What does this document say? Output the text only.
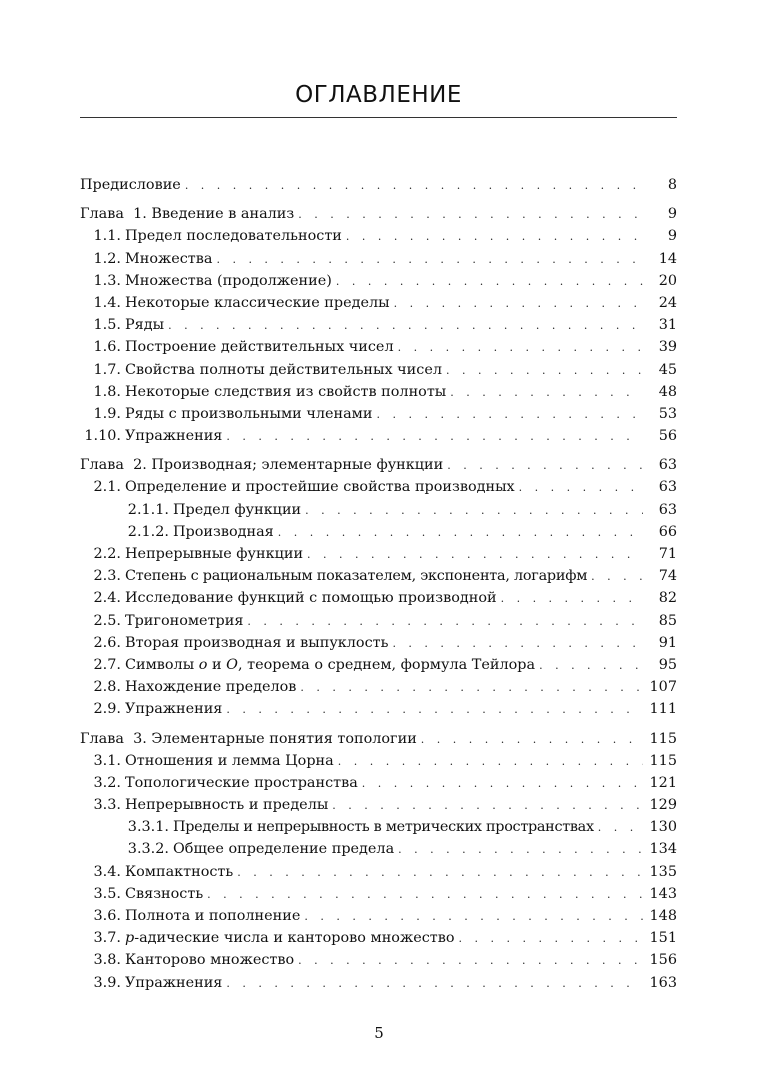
ОГЛАВЛЕНИЕ
Предисловие . . .	8
Глава  1. Введение в анализ . . .	9
1.1. Предел последовательности . . .	9
1.2. Множества . . .	14
1.3. Множества (продолжение) . . .	20
1.4. Некоторые классические пределы . . .	24
1.5. Ряды . . .	31
1.6. Построение действительных чисел . . .	39
1.7. Свойства полноты действительных чисел . . .	45
1.8. Некоторые следствия из свойств полноты . . .	48
1.9. Ряды с произвольными членами . . .	53
1.10. Упражнения . . .	56
Глава  2. Производная; элементарные функции . . .	63
2.1. Определение и простейшие свойства производных . . .	63
2.1.1. Предел функции . . .	63
2.1.2. Производная . . .	66
2.2. Непрерывные функции . . .	71
2.3. Степень с рациональным показателем, экспонента, логарифм . . .	74
2.4. Исследование функций с помощью производной . . .	82
2.5. Тригонометрия . . .	85
2.6. Вторая производная и выпуклость . . .	91
2.7. Символы o и O, теорема о среднем, формула Тейлора . . .	95
2.8. Нахождение пределов . . .	107
2.9. Упражнения . . .	111
Глава  3. Элементарные понятия топологии . . .	115
3.1. Отношения и лемма Цорна . . .	115
3.2. Топологические пространства . . .	121
3.3. Непрерывность и пределы . . .	129
3.3.1. Пределы и непрерывность в метрических пространствах . . .	130
3.3.2. Общее определение предела . . .	134
3.4. Компактность . . .	135
3.5. Связность . . .	143
3.6. Полнота и пополнение . . .	148
3.7. p-адические числа и канторово множество . . .	151
3.8. Канторово множество . . .	156
3.9. Упражнения . . .	163
5
